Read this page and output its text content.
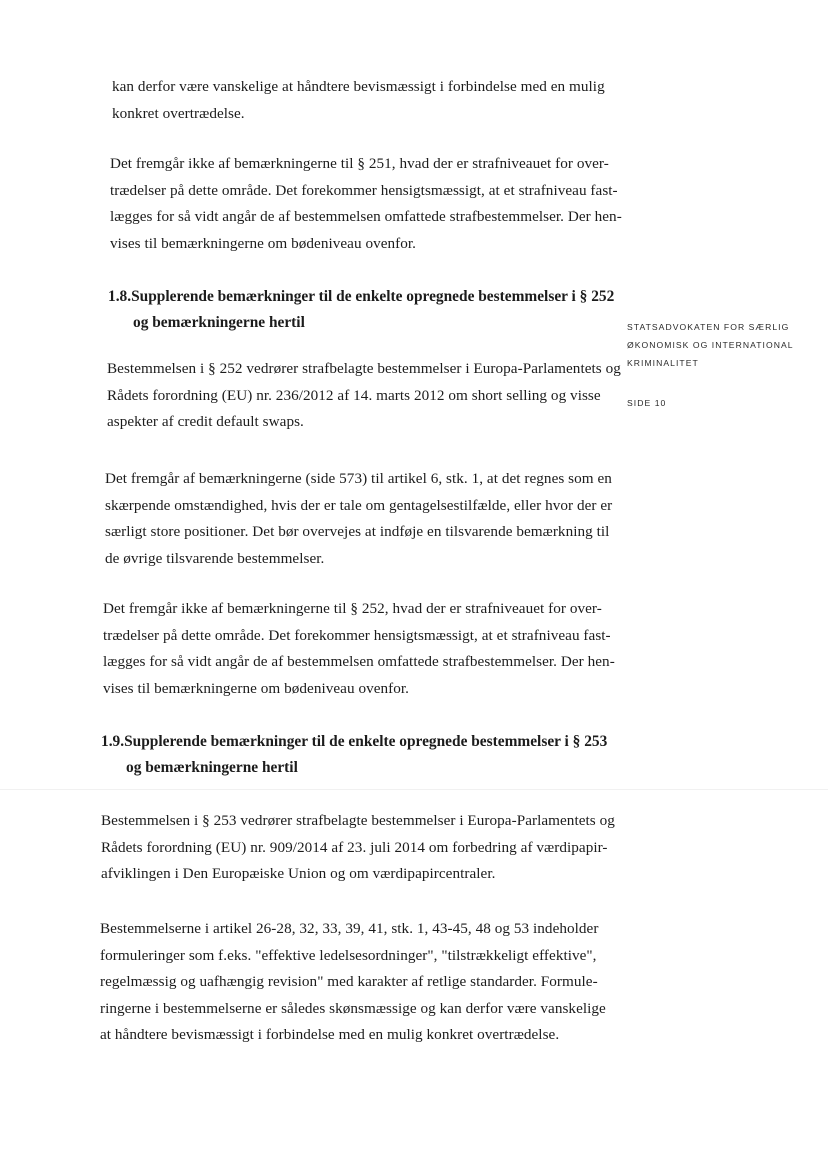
kan derfor være vanskelige at håndtere bevismæssigt i forbindelse med en mulig
konkret overtrædelse.
Det fremgår ikke af bemærkningerne til § 251, hvad der er strafniveauet for over-
trædelser på dette område. Det forekommer hensigtsmæssigt, at et strafniveau fast-
lægges for så vidt angår de af bestemmelsen omfattede strafbestemmelser. Der hen-
vises til bemærkningerne om bødeniveau ovenfor.
1.8.Supplerende bemærkninger til de enkelte opregnede bestemmelser i § 252
og bemærkningerne hertil
Bestemmelsen i § 252 vedrører strafbelagte bestemmelser i Europa-Parlamentets og
Rådets forordning (EU) nr. 236/2012 af 14. marts 2012 om short selling og visse
aspekter af credit default swaps.
Det fremgår af bemærkningerne (side 573) til artikel 6, stk. 1, at det regnes som en
skærpende omstændighed, hvis der er tale om gentagelsestilfælde, eller hvor der er
særligt store positioner. Det bør overvejes at indføje en tilsvarende bemærkning til
de øvrige tilsvarende bestemmelser.
Det fremgår ikke af bemærkningerne til § 252, hvad der er strafniveauet for over-
trædelser på dette område. Det forekommer hensigtsmæssigt, at et strafniveau fast-
lægges for så vidt angår de af bestemmelsen omfattede strafbestemmelser. Der hen-
vises til bemærkningerne om bødeniveau ovenfor.
1.9.Supplerende bemærkninger til de enkelte opregnede bestemmelser i § 253
og bemærkningerne hertil
Bestemmelsen i § 253 vedrører strafbelagte bestemmelser i Europa-Parlamentets og
Rådets forordning (EU) nr. 909/2014 af 23. juli 2014 om forbedring af værdipapir-
afviklingen i Den Europæiske Union og om værdipapircentraler.
Bestemmelserne i artikel 26-28, 32, 33, 39, 41, stk. 1, 43-45, 48 og 53 indeholder
formuleringer som f.eks. "effektive ledelsesordninger", "tilstrækkeligt effektive",
regelmæssig og uafhængig revision" med karakter af retlige standarder. Formule-
ringerne i bestemmelserne er således skønsmæssige og kan derfor være vanskelige
at håndtere bevismæssigt i forbindelse med en mulig konkret overtrædelse.
STATSADVOKATEN FOR SÆRLIG
ØKONOMISK OG INTERNATIONAL
KRIMINALITET
SIDE 10
